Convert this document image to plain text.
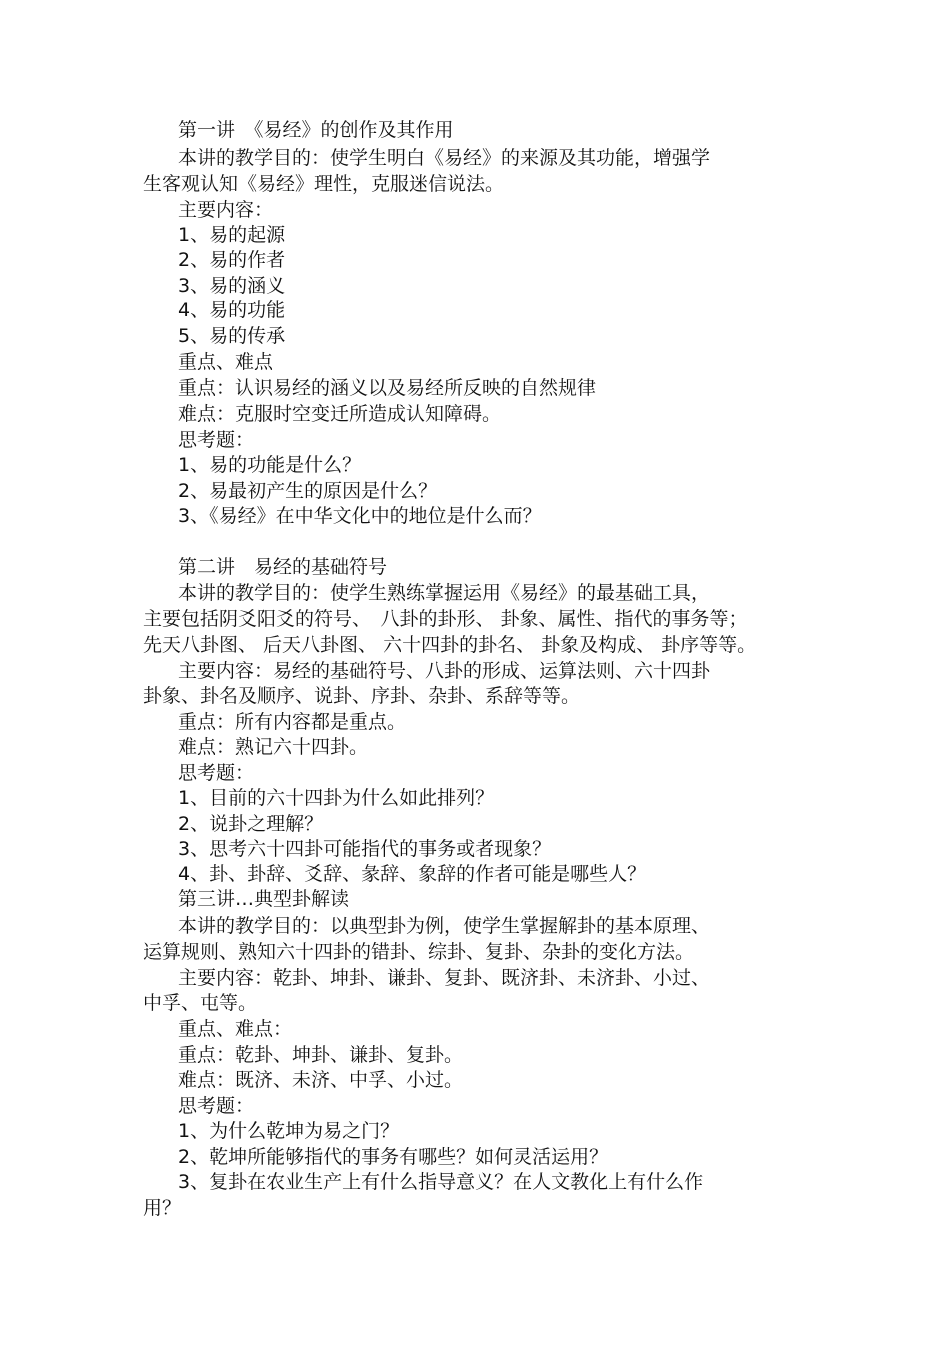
第一讲　《易经》的创作及其作用
本讲的教学目的：使学生明白《易经》的来源及其功能，增强学
生客观认知《易经》理性，克服迷信说法。
主要内容：
1、易的起源
2、易的作者
3、易的涵义
4、易的功能
5、易的传承
重点、难点
重点：认识易经的涵义以及易经所反映的自然规律
难点：克服时空变迁所造成认知障碍。
思考题：
1、易的功能是什么？
2、易最初产生的原因是什么？
3、《易经》在中华文化中的地位是什么而？
第二讲　易经的基础符号
本讲的教学目的：使学生熟练掌握运用《易经》的最基础工具，
主要包括阴爻阳爻的符号、　八卦的卦形、 卦象、属性、指代的事务等；
先天八卦图、 后天八卦图、 六十四卦的卦名、 卦象及构成、 卦序等等。
主要内容：易经的基础符号、八卦的形成、运算法则、六十四卦
卦象、卦名及顺序、说卦、序卦、杂卦、系辞等等。
重点：所有内容都是重点。
难点：熟记六十四卦。
思考题：
1、目前的六十四卦为什么如此排列？
2、说卦之理解？
3、思考六十四卦可能指代的事务或者现象？
4、卦、卦辞、爻辞、彖辞、象辞的作者可能是哪些人？
第三讲…典型卦解读
本讲的教学目的：以典型卦为例，使学生掌握解卦的基本原理、
运算规则、熟知六十四卦的错卦、综卦、复卦、杂卦的变化方法。
主要内容：乾卦、坤卦、谦卦、复卦、既济卦、未济卦、小过、
中孚、屯等。
重点、难点：
重点：乾卦、坤卦、谦卦、复卦。
难点：既济、未济、中孚、小过。
思考题：
1、为什么乾坤为易之门？
2、乾坤所能够指代的事务有哪些？如何灵活运用？
3、复卦在农业生产上有什么指导意义？在人文教化上有什么作
用？
